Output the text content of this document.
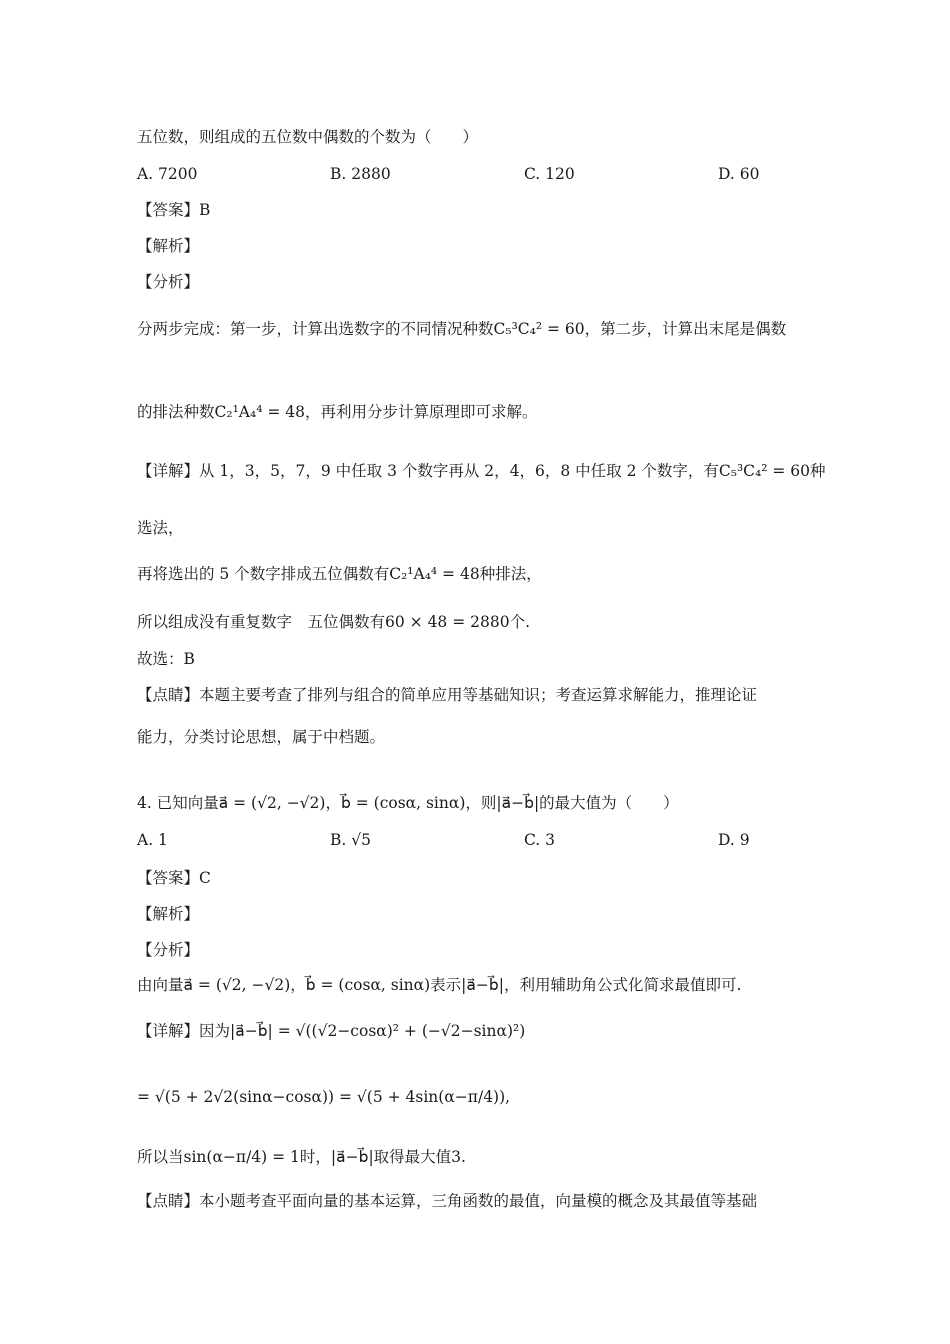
五位数，则组成的五位数中偶数的个数为（　　）
A. 7200	B. 2880	C. 120	D. 60
【答案】B
【解析】
【分析】
分两步完成：第一步，计算出选数字的不同情况种数C₅³C₄² = 60，第二步，计算出末尾是偶数
的排法种数C₂¹A₄⁴ = 48，再利用分步计算原理即可求解。
【详解】从 1，3，5，7，9 中任取 3 个数字再从 2，4，6，8 中任取 2 个数字，有C₅³C₄² = 60种
选法，
再将选出的 5 个数字排成五位偶数有C₂¹A₄⁴ = 48种排法，
所以组成没有重复数字　五位偶数有60 × 48 = 2880个.
故选：B
【点睛】本题主要考查了排列与组合的简单应用等基础知识；考查运算求解能力，推理论证
能力，分类讨论思想，属于中档题。
4. 已知向量a⃗ = (√2, −√2)，b⃗ = (cosα, sinα)，则|a⃗−b⃗|的最大值为（　　）
A. 1	B. √5	C. 3	D. 9
【答案】C
【解析】
【分析】
由向量a⃗ = (√2, −√2)，b⃗ = (cosα, sinα)表示|a⃗−b⃗|，利用辅助角公式化简求最值即可.
【详解】因为|a⃗−b⃗| = √((√2−cosα)² + (−√2−sinα)²)
= √(5 + 2√2(sinα−cosα)) = √(5 + 4sin(α−π/4)),
所以当sin(α−π/4) = 1时，|a⃗−b⃗|取得最大值3.
【点睛】本小题考查平面向量的基本运算，三角函数的最值，向量模的概念及其最值等基础
